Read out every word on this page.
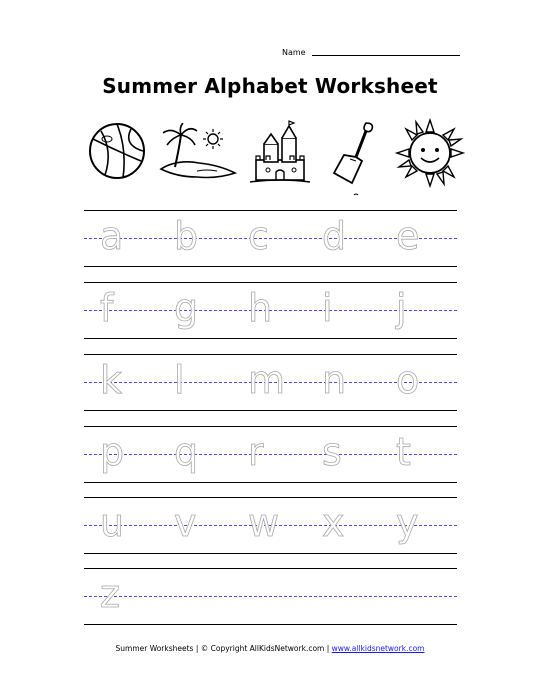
Name
Summer Alphabet Worksheet
a b c d e
f g h i j
k l m n o
p q r s t
u v w x y
z
Summer Worksheets | © Copyright AllKidsNetwork.com | www.allkidsnetwork.com
